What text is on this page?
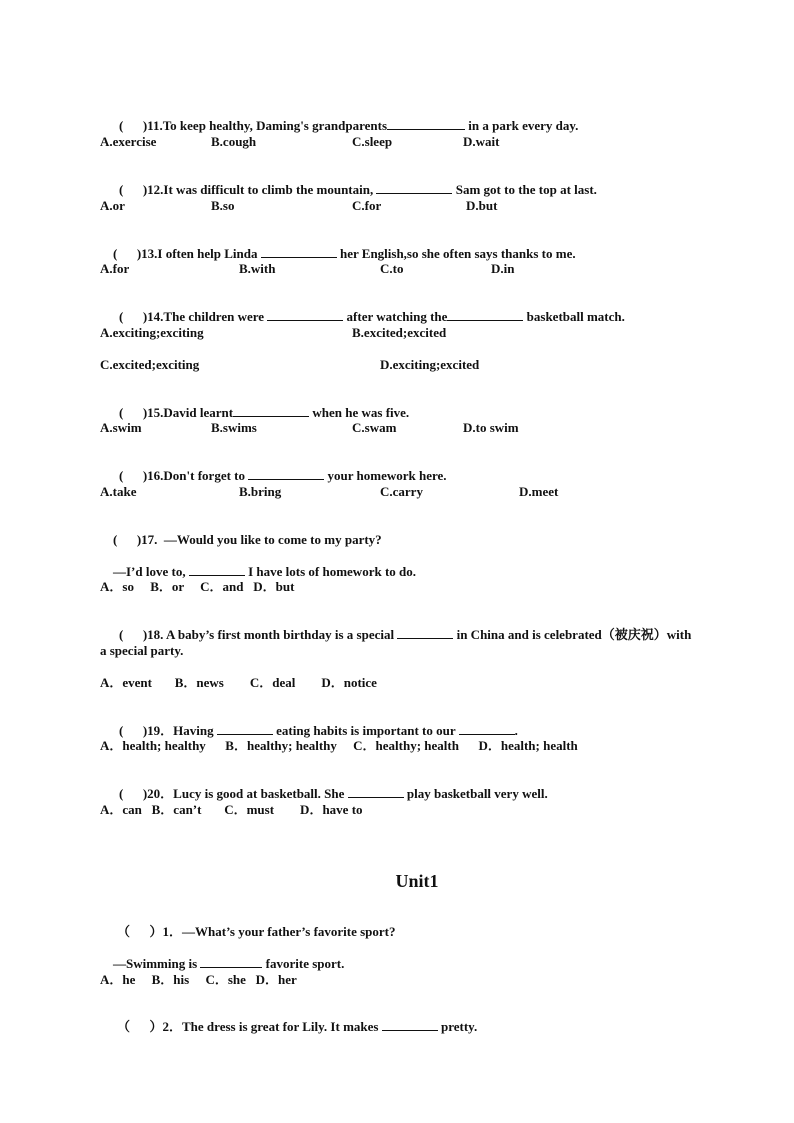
(      )11.To keep healthy, Daming's grandparents	in a park every day.

A.exercise	B.cough	C.sleep	D.wait

(      )12.It was difficult to climb the mountain,	Sam got to the top at last.

A.or	B.so	C.for	D.but

(      )13.I often help Linda	her English,so she often says thanks to me.

A.for	B.with	C.to	D.in

(      )14.The children were	after watching the	basketball match.

A.exciting;exciting	B.excited;excited
C.excited;exciting	D.exciting;excited

(      )15.David learnt	when he was five.

A.swim	B.swims	C.swam	D.to swim

(      )16.Don't forget to	your homework here.

A.take	B.bring	C.carry	D.meet

(      )17.  —Would you like to come to my party?

—I’d love to,	I have lots of homework to do.

A．so     B．or     C．and   D．but

(      )18. A baby’s first month birthday is a special	in China and is celebrated（被庆祝）with

a special party.
A．event       B．news        C．deal        D．notice

(      )19．Having	eating habits is important to our	.

A．health; healthy      B．healthy; healthy     C．healthy; health      D．health; health

(      )20．Lucy is good at basketball. She	play basketball very well.

A．can   B．can’t       C．must        D．have to
Unit1

（      ）1．—What’s your father’s favorite sport?

—Swimming is	favorite sport.

A．he     B．his     C．she   D．her

（      ）2．The dress is great for Lily. It makes	pretty.
